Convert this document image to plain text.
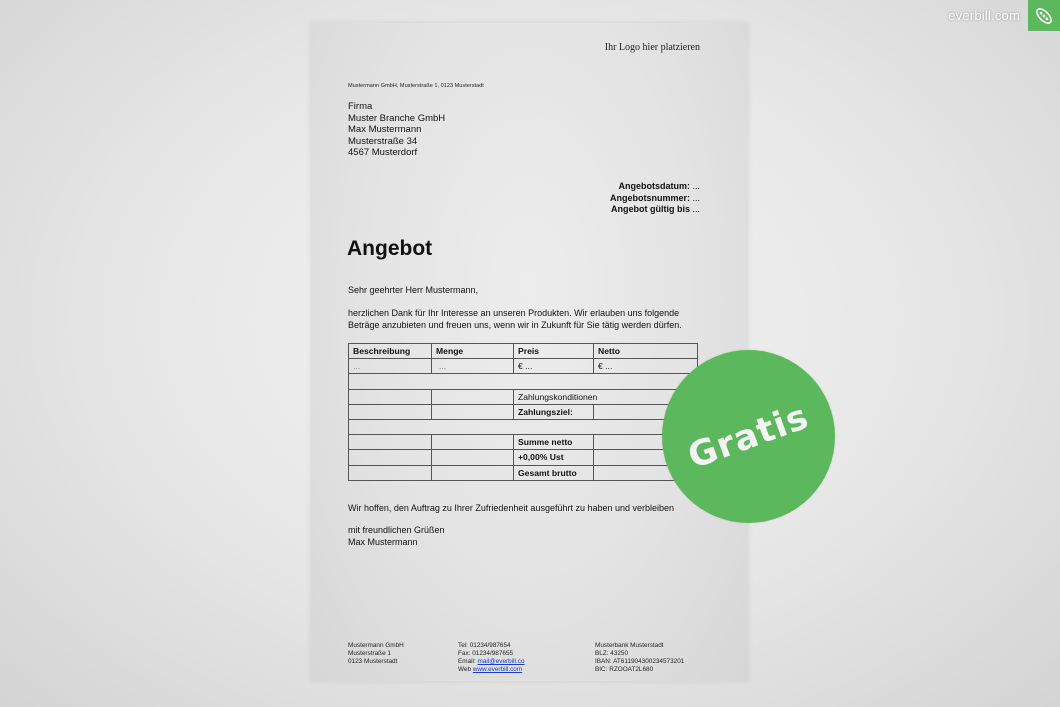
everbill.com
Ihr Logo hier platzieren
Mustermann GmbH, Musterstraße 1, 0123 Musterstadt
Firma
Muster Branche GmbH
Max Mustermann
Musterstraße 34
4567 Musterdorf
Angebotsdatum: ...
Angebotsnummer: ...
Angebot gültig bis ...
Angebot
Sehr geehrter Herr Mustermann,
herzlichen Dank für Ihr Interesse an unseren Produkten. Wir erlauben uns folgende
Beträge anzubieten und freuen uns, wenn wir in Zukunft für Sie tätig werden dürfen.
Beschreibung	Menge	Preis	Netto
...	...	€ ...	€ ...

		Zahlungskonditionen	
		Zahlungsziel:	

		Summe netto	
		+0,00% Ust	
		Gesamt brutto	
Wir hoffen, den Auftrag zu Ihrer Zufriedenheit ausgeführt zu haben und verbleiben
mit freundlichen Grüßen
Max Mustermann
Mustermann GmbH
Musterstraße 1
0123 Musterstadt
Tel: 01234/987654
Fax: 01234/987655
Email: mail@everbill.co
Web www.everbill.com
Musterbank Musterstadt
BLZ: 43250
IBAN: AT611904300234573201
BIC: RZOOAT2L680
Gratis
